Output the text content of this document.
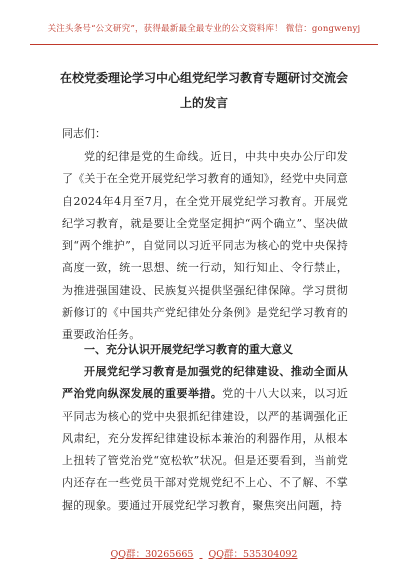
关注头条号“公文研究”，获得最新最全最专业的公文资料库！ 微信：gongwenyj
在校党委理论学习中心组党纪学习教育专题研讨交流会上的发言
同志们：
党的纪律是党的生命线。近日，中共中央办公厅印发了《关于在全党开展党纪学习教育的通知》，经党中央同意自2024年4月至7月，在全党开展党纪学习教育。开展党纪学习教育，就是要让全党坚定拥护“两个确立”、坚决做到“两个维护”，自觉同以习近平同志为核心的党中央保持高度一致，统一思想、统一行动，知行知止、令行禁止，为推进强国建设、民族复兴提供坚强纪律保障。学习贯彻新修订的《中国共产党纪律处分条例》是党纪学习教育的重要政治任务。
一、充分认识开展党纪学习教育的重大意义
开展党纪学习教育是加强党的纪律建设、推动全面从严治党向纵深发展的重要举措。党的十八大以来，以习近平同志为核心的党中央狠抓纪律建设，以严的基调强化正风肃纪，充分发挥纪律建设标本兼治的利器作用，从根本上扭转了管党治党“宽松软”状况。但是还要看到，当前党内还存在一些党员干部对党规党纪不上心、不了解、不掌握的现象。要通过开展党纪学习教育，聚焦突出问题，持
QQ群：30265665 QQ群：535304092
